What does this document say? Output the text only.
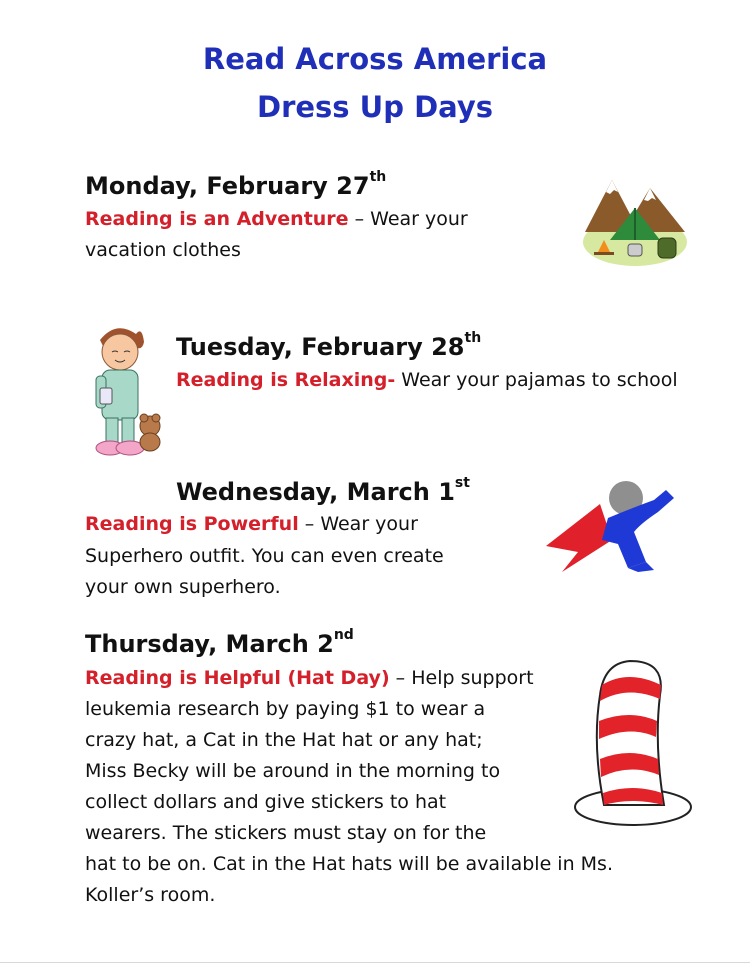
Read Across America
Dress Up Days
Monday, February 27th
Reading is an Adventure – Wear your
vacation clothes
Tuesday, February 28th
Reading is Relaxing- Wear your pajamas to school
Wednesday, March 1st
Reading is Powerful – Wear your
Superhero outfit. You can even create
your own superhero.
Thursday, March 2nd
Reading is Helpful (Hat Day) – Help support
leukemia research by paying $1 to wear a
crazy hat, a Cat in the Hat hat or any hat;
Miss Becky will be around in the morning to
collect dollars and give stickers to hat
wearers. The stickers must stay on for the
hat to be on. Cat in the Hat hats will be available in Ms.
Koller’s room.
